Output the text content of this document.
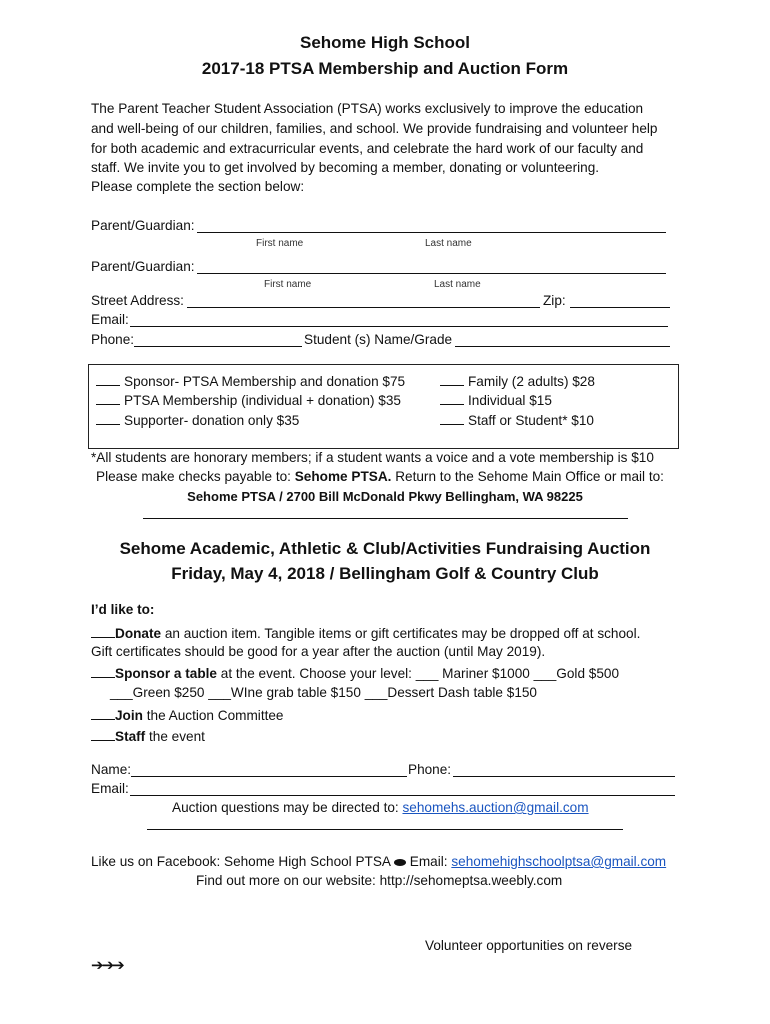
Sehome High School
2017-18 PTSA Membership and Auction Form
The Parent Teacher Student Association (PTSA) works exclusively to improve the education
and well-being of our children, families, and school. We provide fundraising and volunteer help
for both academic and extracurricular events, and celebrate the hard work of our faculty and
staff. We invite you to get involved by becoming a member, donating or volunteering.
Please complete the section below:
Parent/Guardian:
First name	Last name
Parent/Guardian:
First name	Last name
Street Address:	Zip:
Email:
Phone:	Student (s) Name/Grade
Sponsor- PTSA Membership and donation $75
PTSA Membership (individual + donation) $35
Supporter- donation only $35
Family (2 adults) $28
Individual $15
Staff or Student* $10
*All students are honorary members; if a student wants a voice and a vote membership is $10
Please make checks payable to: Sehome PTSA. Return to the Sehome Main Office or mail to:
Sehome PTSA / 2700 Bill McDonald Pkwy Bellingham, WA 98225
Sehome Academic, Athletic & Club/Activities Fundraising Auction
Friday, May 4, 2018 / Bellingham Golf & Country Club
I’d like to:
Donate an auction item. Tangible items or gift certificates may be dropped off at school.
Gift certificates should be good for a year after the auction (until May 2019).
Sponsor a table at the event. Choose your level: ___ Mariner $1000 ___Gold $500
___Green $250 ___WIne grab table $150 ___Dessert Dash table $150
Join the Auction Committee
Staff the event
Name:	Phone:
Email:
Auction questions may be directed to: sehomehs.auction@gmail.com
Like us on Facebook: Sehome High School PTSA  Email: sehomehighschoolptsa@gmail.com
Find out more on our website: http://sehomeptsa.weebly.com
Volunteer opportunities on reverse
➔➔➔
